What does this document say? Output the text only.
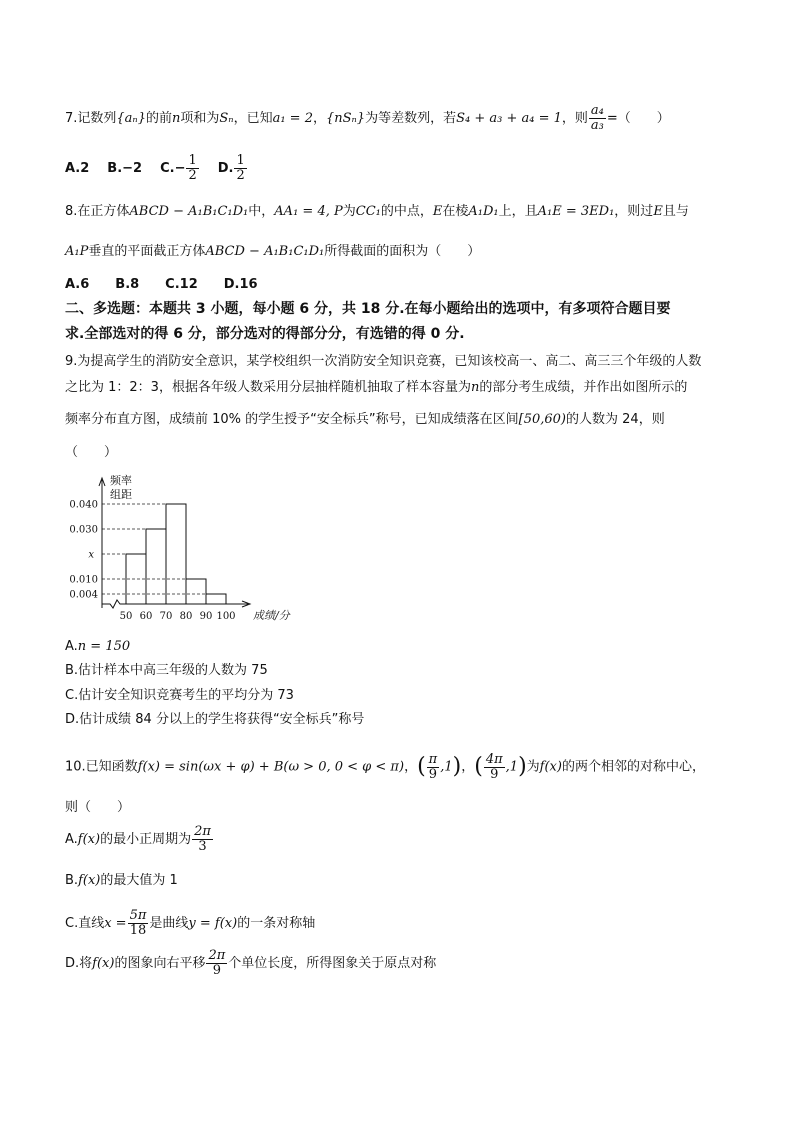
7.记数列{aₙ}的前n项和为Sₙ，已知a₁ = 2，{nSₙ}为等差数列，若S₄ + a₃ + a₄ = 1，则 $\frac{\text{a₄}}{\text{a₃}}$ =（　　）
A.2 B.−2 $C.- \frac{1}{2} D$. $\frac{1}{2}$
8.在正方体ABCD − A₁B₁C₁D₁中，AA₁ = 4, P为CC₁的中点，E在棱A₁D₁上，且A₁E = 3ED₁，则过E且与
A₁P垂直的平面截正方体ABCD − A₁B₁C₁D₁所得截面的面积为（　　）
A.6　　B.8　　C.12　　D.16
二、多选题：本题共 3 小题，每小题 6 分，共 18 分.在每小题给出的选项中，有多项符合题目要
求.全部选对的得 6 分，部分选对的得部分分，有选错的得 0 分.
9.为提高学生的消防安全意识，某学校组织一次消防安全知识竞赛，已知该校高一、高二、高三三个年级的人数
之比为 1：2：3，根据各年级人数采用分层抽样随机抽取了样本容量为n的部分考生成绩，并作出如图所示的
频率分布直方图，成绩前 10% 的学生授予“安全标兵”称号，已知成绩落在区间[50,60)的人数为 24，则
（　　）
0.040
0.030
x
0.010
0.004
50 60 70 80 90 100
频率
组距
成绩/分
A.n = 150
B.估计样本中高三年级的人数为 75
C.估计安全知识竞赛考生的平均分为 73
D.估计成绩 84 分以上的学生将获得“安全标兵”称号
10.已知函数f(x) = sin(ωx + φ) + B(ω > 0, 0 < φ < π)，( $\frac{\pi}{9} ,1$)，( $\frac{4\pi}{9} ,1$)为f(x)的两个相邻的对称中心，
则（　　）
A.f(x)的最小正周期为 $\frac{2\pi}{3}$
B.f(x)的最大值为 1
C.直线$x = \frac{5\pi}{18}$ 是曲线y = f(x)的一条对称轴
D.将f(x)的图象向右平移 $\frac{2\pi}{9}$ 个单位长度，所得图象关于原点对称
